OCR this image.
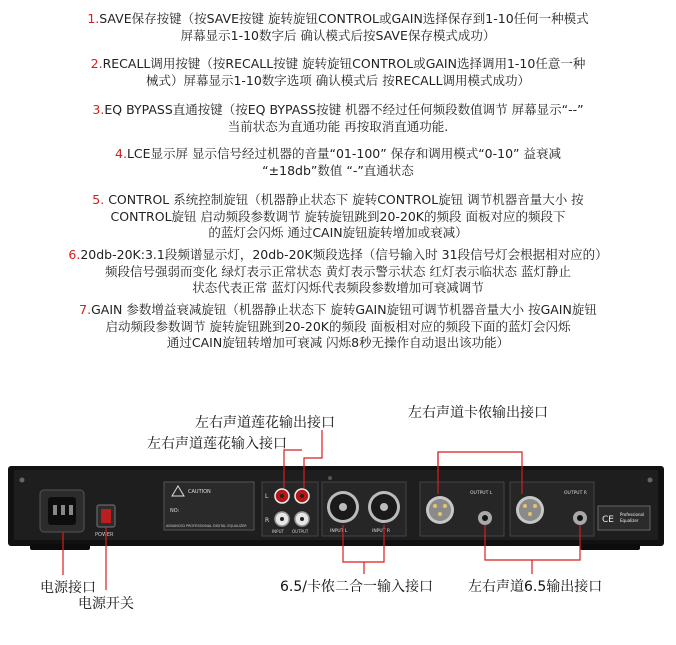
1.SAVE保存按键（按SAVE按键 旋转旋钮CONTROL或GAIN选择保存到1-10任何一种模式
屏幕显示1-10数字后 确认模式后按SAVE保存模式成功）
2.RECALL调用按键（按RECALL按键 旋转旋钮CONTROL或GAIN选择调用1-10任意一种
械式）屏幕显示1-10数字选项 确认模式后 按RECALL调用模式成功）
3.EQ BYPASS直通按键（按EQ BYPASS按键 机器不经过任何频段数值调节 屏幕显示“--”
当前状态为直通功能 再按取消直通功能.
4.LCE显示屏 显示信号经过机器的音量“01-100” 保存和调用模式“0-10” 益衰减
“±18db”数值 “-”直通状态
5. CONTROL 系统控制旋钮（机器静止状态下 旋转CONTROL旋钮 调节机器音量大小 按
CONTROL旋钮 启动频段参数调节 旋转旋钮跳到20-20K的频段 面板对应的频段下
的蓝灯会闪烁 通过CAIN旋钮旋转增加或衰减）
6.20db-20K:3.1段频谱显示灯，20db-20K频段选择（信号输入时 31段信号灯会根据相对应的）
频段信号强弱而变化 绿灯表示正常状态 黄灯表示警示状态 红灯表示临状态 蓝灯静止
状态代表正常 蓝灯闪烁代表频段参数增加可衰减调节
7.GAIN 参数增益衰减旋钮（机器静止状态下 旋转GAIN旋钮可调节机器音量大小 按GAIN旋钮
启动频段参数调节 旋转旋钮跳到20-20K的频段 面板相对应的频段下面的蓝灯会闪烁
通过CAIN旋钮转增加可衰减 闪烁8秒无操作自动退出该功能）
POWER
CAUTION
NO:
ADVANCED PROFESSIONAL DIGITAL EQUALIZER
L
R
INPUT OUTPUT	INPUT L	INPUT R
OUTPUT L	OUTPUT R
CE
Professional
Equalizer
左右声道莲花输出接口
左右声道莲花输入接口
左右声道卡侬输出接口
电源接口
电源开关
6.5/卡侬二合一输入接口	左右声道6.5输出接口
